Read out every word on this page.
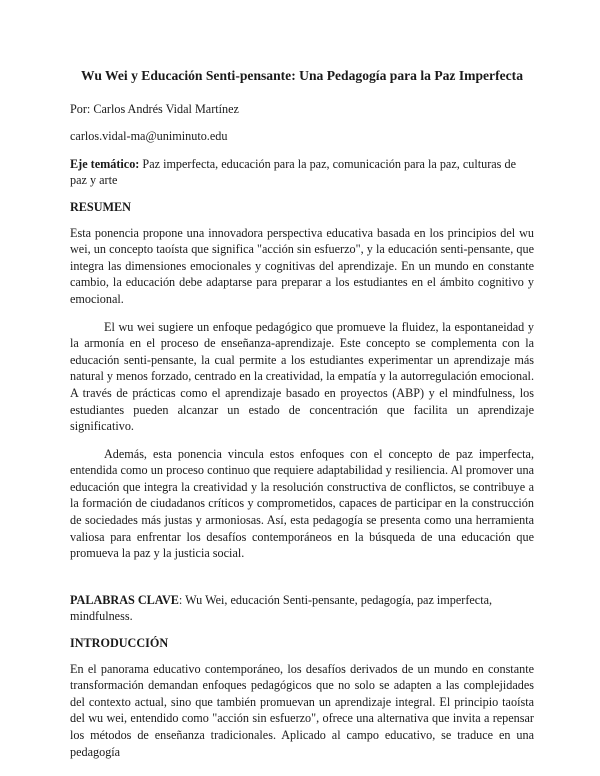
Wu Wei y Educación Senti-pensante: Una Pedagogía para la Paz Imperfecta

Por: Carlos Andrés Vidal Martínez

carlos.vidal-ma@uniminuto.edu

Eje temático: Paz imperfecta, educación para la paz, comunicación para la paz, culturas de paz y arte

RESUMEN

Esta ponencia propone una innovadora perspectiva educativa basada en los principios del wu wei, un concepto taoísta que significa "acción sin esfuerzo", y la educación senti-pensante, que integra las dimensiones emocionales y cognitivas del aprendizaje. En un mundo en constante cambio, la educación debe adaptarse para preparar a los estudiantes en el ámbito cognitivo y emocional.

El wu wei sugiere un enfoque pedagógico que promueve la fluidez, la espontaneidad y la armonía en el proceso de enseñanza-aprendizaje. Este concepto se complementa con la educación senti-pensante, la cual permite a los estudiantes experimentar un aprendizaje más natural y menos forzado, centrado en la creatividad, la empatía y la autorregulación emocional. A través de prácticas como el aprendizaje basado en proyectos (ABP) y el mindfulness, los estudiantes pueden alcanzar un estado de concentración que facilita un aprendizaje significativo.

Además, esta ponencia vincula estos enfoques con el concepto de paz imperfecta, entendida como un proceso continuo que requiere adaptabilidad y resiliencia. Al promover una educación que integra la creatividad y la resolución constructiva de conflictos, se contribuye a la formación de ciudadanos críticos y comprometidos, capaces de participar en la construcción de sociedades más justas y armoniosas. Así, esta pedagogía se presenta como una herramienta valiosa para enfrentar los desafíos contemporáneos en la búsqueda de una educación que promueva la paz y la justicia social.

PALABRAS CLAVE: Wu Wei, educación Senti-pensante, pedagogía, paz imperfecta, mindfulness.

INTRODUCCIÓN

En el panorama educativo contemporáneo, los desafíos derivados de un mundo en constante transformación demandan enfoques pedagógicos que no solo se adapten a las complejidades del contexto actual, sino que también promuevan un aprendizaje integral. El principio taoísta del wu wei, entendido como "acción sin esfuerzo", ofrece una alternativa que invita a repensar los métodos de enseñanza tradicionales. Aplicado al campo educativo, se traduce en una pedagogía
